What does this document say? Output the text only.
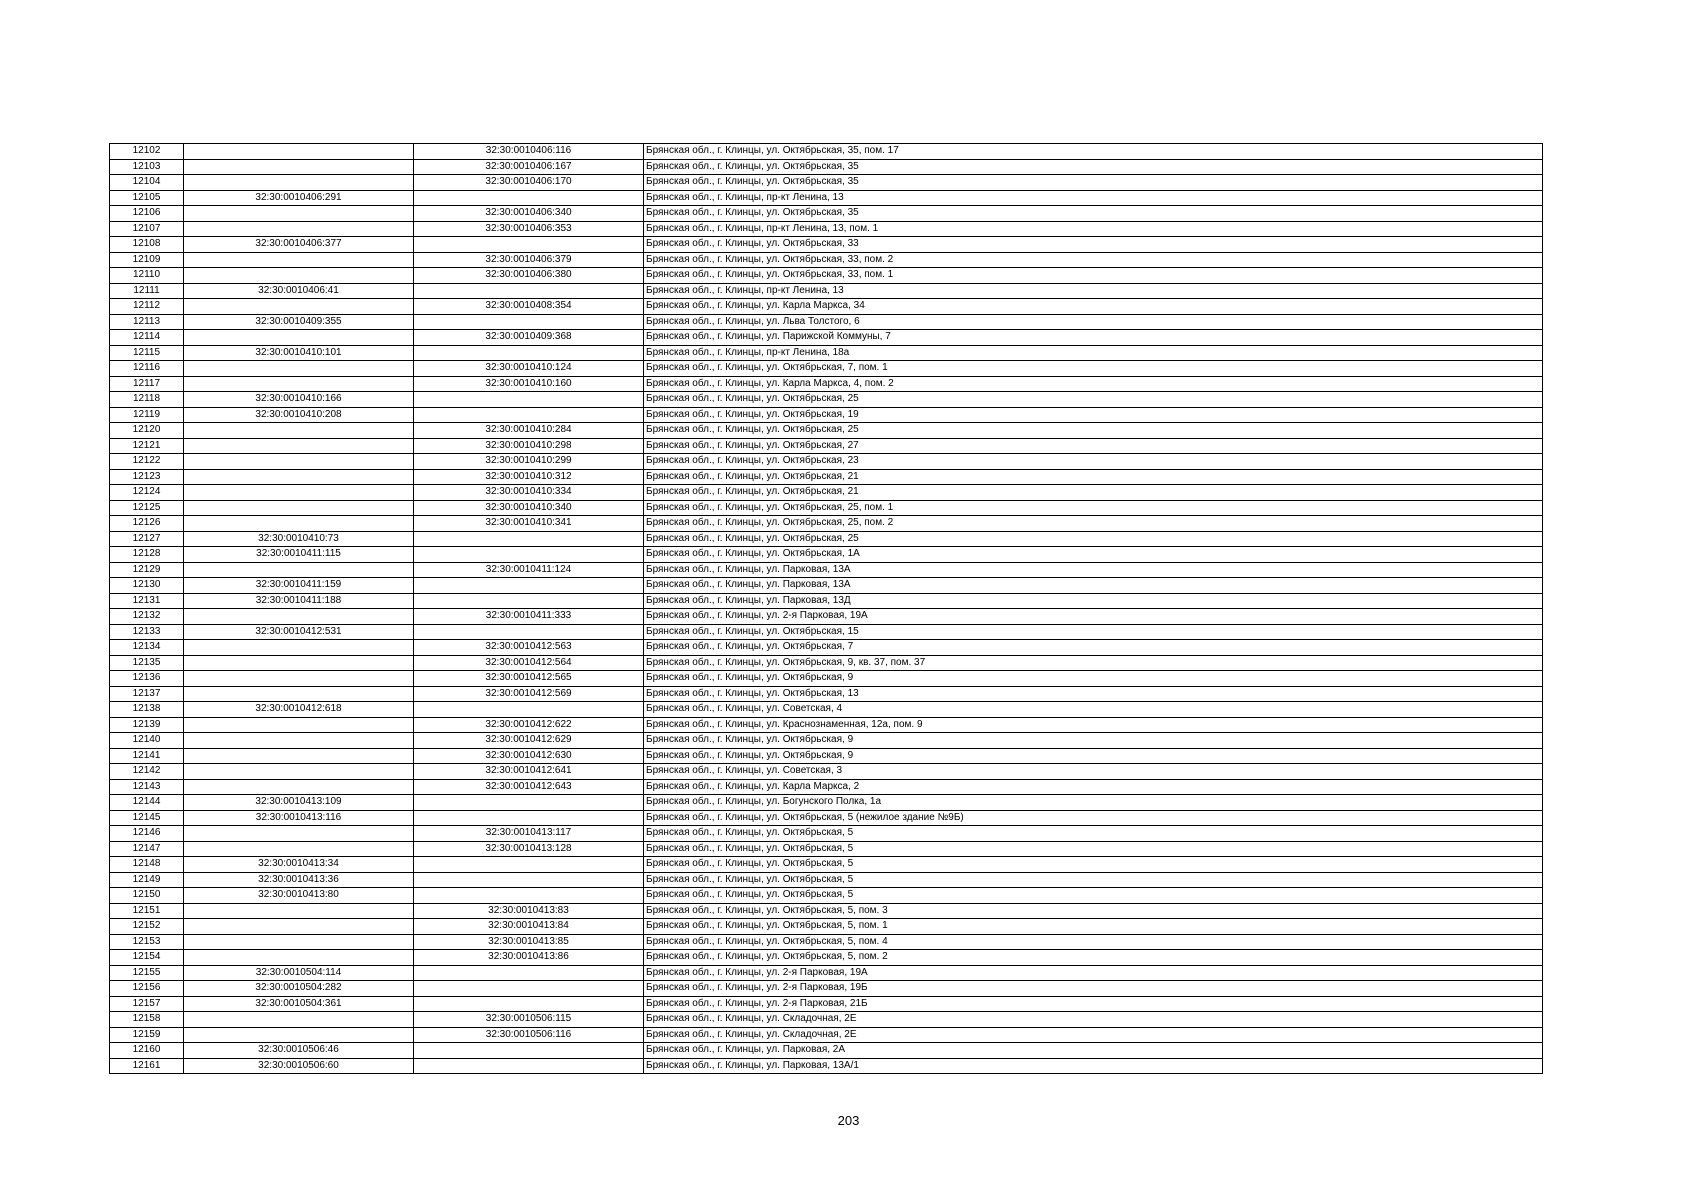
12102		32:30:0010406:116	Брянская обл., г. Клинцы, ул. Октябрьская, 35, пом. 17
12103		32:30:0010406:167	Брянская обл., г. Клинцы, ул. Октябрьская, 35
12104		32:30:0010406:170	Брянская обл., г. Клинцы, ул. Октябрьская, 35
12105	32:30:0010406:291		Брянская обл., г. Клинцы, пр-кт Ленина, 13
12106		32:30:0010406:340	Брянская обл., г. Клинцы, ул. Октябрьская, 35
12107		32:30:0010406:353	Брянская обл., г. Клинцы, пр-кт Ленина, 13, пом. 1
12108	32:30:0010406:377		Брянская обл., г. Клинцы, ул. Октябрьская, 33
12109		32:30:0010406:379	Брянская обл., г. Клинцы, ул. Октябрьская, 33, пом. 2
12110		32:30:0010406:380	Брянская обл., г. Клинцы, ул. Октябрьская, 33, пом. 1
12111	32:30:0010406:41		Брянская обл., г. Клинцы, пр-кт Ленина, 13
12112		32:30:0010408:354	Брянская обл., г. Клинцы, ул. Карла Маркса, 34
12113	32:30:0010409:355		Брянская обл., г. Клинцы, ул. Льва Толстого, 6
12114		32:30:0010409:368	Брянская обл., г. Клинцы, ул. Парижской Коммуны, 7
12115	32:30:0010410:101		Брянская обл., г. Клинцы, пр-кт Ленина, 18а
12116		32:30:0010410:124	Брянская обл., г. Клинцы, ул. Октябрьская, 7, пом. 1
12117		32:30:0010410:160	Брянская обл., г. Клинцы, ул. Карла Маркса, 4, пом. 2
12118	32:30:0010410:166		Брянская обл., г. Клинцы, ул. Октябрьская, 25
12119	32:30:0010410:208		Брянская обл., г. Клинцы, ул. Октябрьская, 19
12120		32:30:0010410:284	Брянская обл., г. Клинцы, ул. Октябрьская, 25
12121		32:30:0010410:298	Брянская обл., г. Клинцы, ул. Октябрьская, 27
12122		32:30:0010410:299	Брянская обл., г. Клинцы, ул. Октябрьская, 23
12123		32:30:0010410:312	Брянская обл., г. Клинцы, ул. Октябрьская, 21
12124		32:30:0010410:334	Брянская обл., г. Клинцы, ул. Октябрьская, 21
12125		32:30:0010410:340	Брянская обл., г. Клинцы, ул. Октябрьская, 25, пом. 1
12126		32:30:0010410:341	Брянская обл., г. Клинцы, ул. Октябрьская, 25, пом. 2
12127	32:30:0010410:73		Брянская обл., г. Клинцы, ул. Октябрьская, 25
12128	32:30:0010411:115		Брянская обл., г. Клинцы, ул. Октябрьская, 1А
12129		32:30:0010411:124	Брянская обл., г. Клинцы, ул. Парковая, 13А
12130	32:30:0010411:159		Брянская обл., г. Клинцы, ул. Парковая, 13А
12131	32:30:0010411:188		Брянская обл., г. Клинцы, ул. Парковая, 13Д
12132		32:30:0010411:333	Брянская обл., г. Клинцы, ул. 2-я Парковая, 19А
12133	32:30:0010412:531		Брянская обл., г. Клинцы, ул. Октябрьская, 15
12134		32:30:0010412:563	Брянская обл., г. Клинцы, ул. Октябрьская, 7
12135		32:30:0010412:564	Брянская обл., г. Клинцы, ул. Октябрьская, 9, кв. 37, пом. 37
12136		32:30:0010412:565	Брянская обл., г. Клинцы, ул. Октябрьская, 9
12137		32:30:0010412:569	Брянская обл., г. Клинцы, ул. Октябрьская, 13
12138	32:30:0010412:618		Брянская обл., г. Клинцы, ул. Советская, 4
12139		32:30:0010412:622	Брянская обл., г. Клинцы, ул. Краснознаменная, 12а, пом. 9
12140		32:30:0010412:629	Брянская обл., г. Клинцы, ул. Октябрьская, 9
12141		32:30:0010412:630	Брянская обл., г. Клинцы, ул. Октябрьская, 9
12142		32:30:0010412:641	Брянская обл., г. Клинцы, ул. Советская, 3
12143		32:30:0010412:643	Брянская обл., г. Клинцы, ул. Карла Маркса, 2
12144	32:30:0010413:109		Брянская обл., г. Клинцы, ул. Богунского Полка, 1а
12145	32:30:0010413:116		Брянская обл., г. Клинцы, ул. Октябрьская, 5 (нежилое здание №9Б)
12146		32:30:0010413:117	Брянская обл., г. Клинцы, ул. Октябрьская, 5
12147		32:30:0010413:128	Брянская обл., г. Клинцы, ул. Октябрьская, 5
12148	32:30:0010413:34		Брянская обл., г. Клинцы, ул. Октябрьская, 5
12149	32:30:0010413:36		Брянская обл., г. Клинцы, ул. Октябрьская, 5
12150	32:30:0010413:80		Брянская обл., г. Клинцы, ул. Октябрьская, 5
12151		32:30:0010413:83	Брянская обл., г. Клинцы, ул. Октябрьская, 5, пом. 3
12152		32:30:0010413:84	Брянская обл., г. Клинцы, ул. Октябрьская, 5, пом. 1
12153		32:30:0010413:85	Брянская обл., г. Клинцы, ул. Октябрьская, 5, пом. 4
12154		32:30:0010413:86	Брянская обл., г. Клинцы, ул. Октябрьская, 5, пом. 2
12155	32:30:0010504:114		Брянская обл., г. Клинцы, ул. 2-я Парковая, 19А
12156	32:30:0010504:282		Брянская обл., г. Клинцы, ул. 2-я Парковая, 19Б
12157	32:30:0010504:361		Брянская обл., г. Клинцы, ул. 2-я Парковая, 21Б
12158		32:30:0010506:115	Брянская обл., г. Клинцы, ул. Складочная, 2Е
12159		32:30:0010506:116	Брянская обл., г. Клинцы, ул. Складочная, 2Е
12160	32:30:0010506:46		Брянская обл., г. Клинцы, ул. Парковая, 2А
12161	32:30:0010506:60		Брянская обл., г. Клинцы, ул. Парковая, 13А/1
203
